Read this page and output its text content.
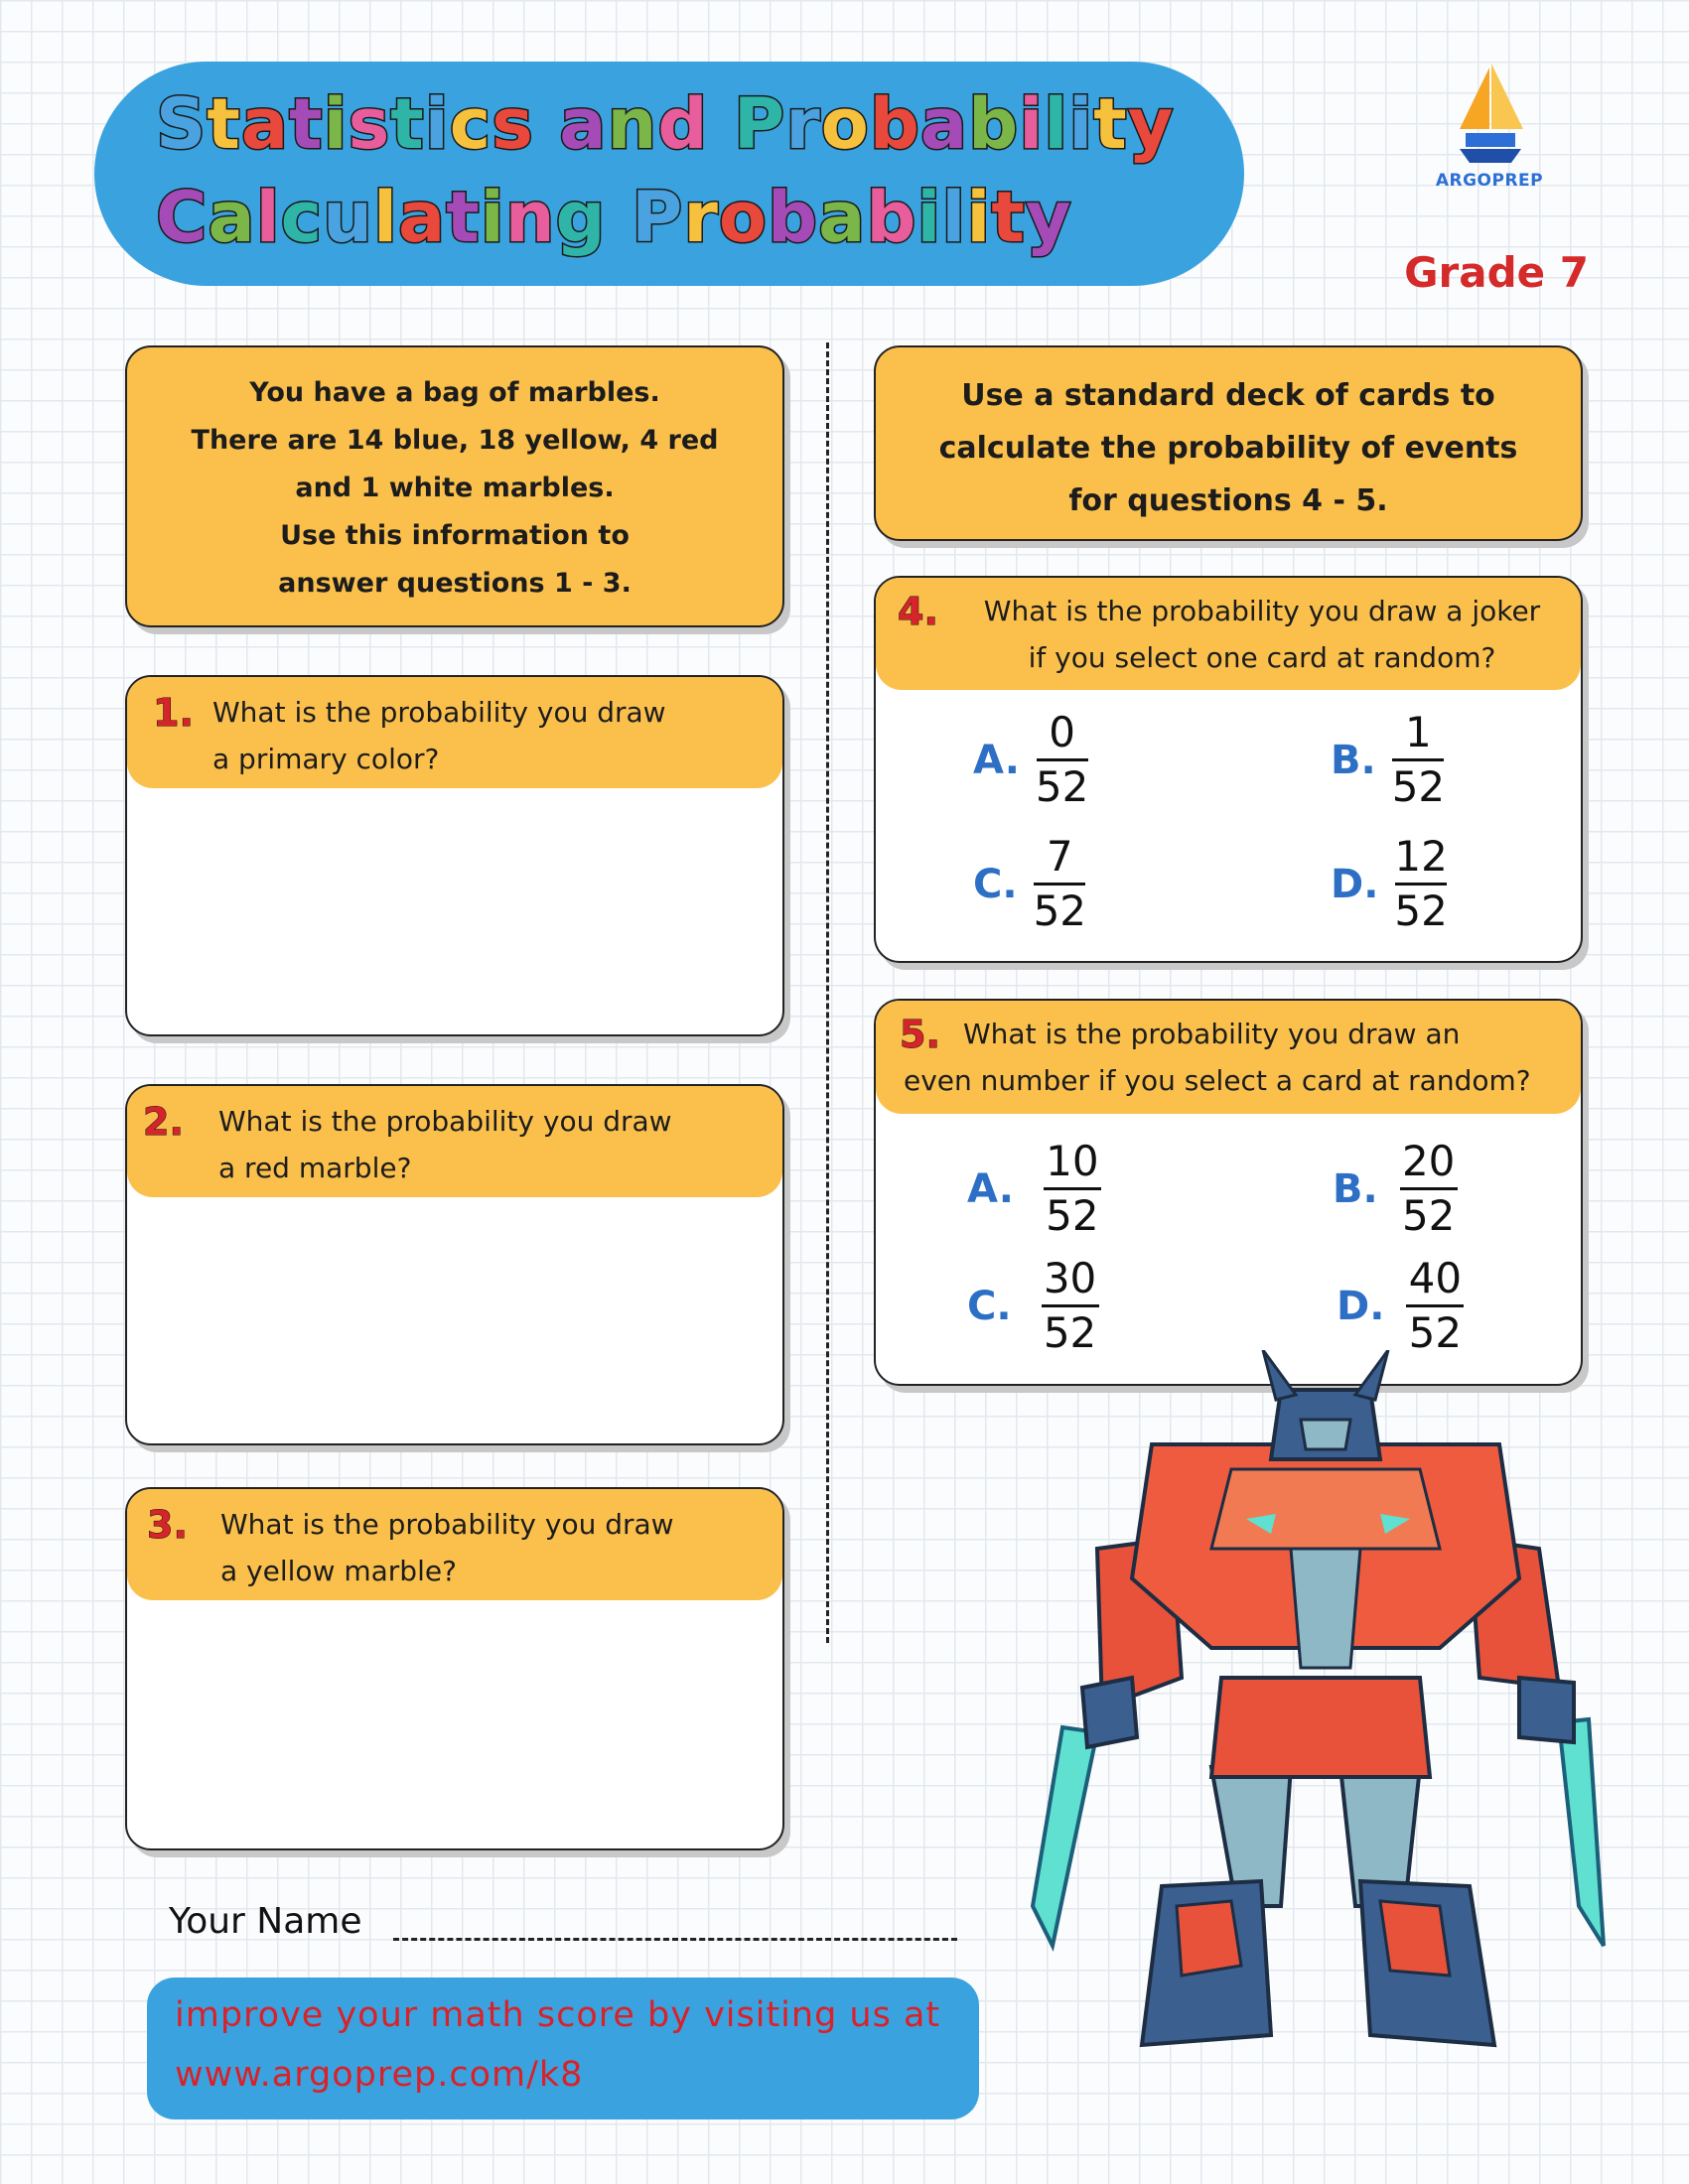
Statistics and Probability
Calculating Probability	ARGOPREP
Grade 7
You have a bag of marbles.
There are 14 blue, 18 yellow, 4 red
and 1 white marbles.
Use this information to
answer questions 1 - 3.
Use a standard deck of cards to
calculate the probability of events
for questions 4 - 5.
1. What is the probability you draw
a primary color?
2. What is the probability you draw
a red marble?
3. What is the probability you draw
a yellow marble?
4.	What is the probability you draw a joker
if you select one card at random?
A. $\frac{0}{52}$	B. $\frac{1}{52}$
C. $\frac{7}{52}$	D. $\frac{12}{52}$
5. What is the probability you draw an
even number if you select a card at random?
A. $\frac{10}{52}$	B. $\frac{20}{52}$
C. $\frac{30}{52}$	D. $\frac{40}{52}$
Your Name
improve your math score by visiting us at
www.argoprep.com/k8
